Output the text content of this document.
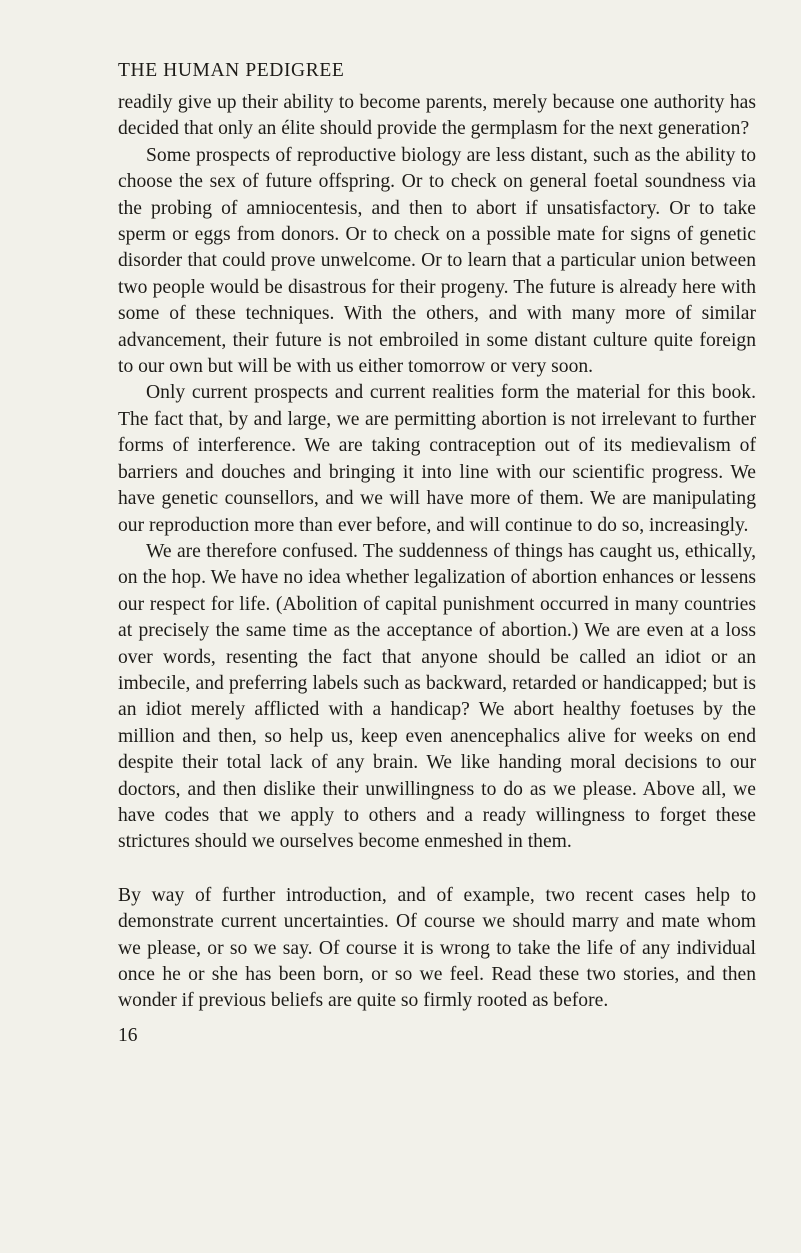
THE HUMAN PEDIGREE

readily give up their ability to become parents, merely because one authority has decided that only an élite should provide the germplasm for the next generation?

Some prospects of reproductive biology are less distant, such as the ability to choose the sex of future offspring. Or to check on general foetal soundness via the probing of amniocentesis, and then to abort if unsatisfactory. Or to take sperm or eggs from donors. Or to check on a possible mate for signs of genetic disorder that could prove unwelcome. Or to learn that a particular union between two people would be disastrous for their progeny. The future is already here with some of these techniques. With the others, and with many more of similar advancement, their future is not embroiled in some distant culture quite foreign to our own but will be with us either tomorrow or very soon.

Only current prospects and current realities form the material for this book. The fact that, by and large, we are permitting abortion is not irrelevant to further forms of interference. We are taking contraception out of its medievalism of barriers and douches and bringing it into line with our scientific progress. We have genetic counsellors, and we will have more of them. We are manipulating our reproduction more than ever before, and will continue to do so, increasingly.

We are therefore confused. The suddenness of things has caught us, ethically, on the hop. We have no idea whether legalization of abortion enhances or lessens our respect for life. (Abolition of capital punishment occurred in many countries at precisely the same time as the acceptance of abortion.) We are even at a loss over words, resenting the fact that anyone should be called an idiot or an imbecile, and preferring labels such as backward, retarded or handicapped; but is an idiot merely afflicted with a handicap? We abort healthy foetuses by the million and then, so help us, keep even anencephalics alive for weeks on end despite their total lack of any brain. We like handing moral decisions to our doctors, and then dislike their unwillingness to do as we please. Above all, we have codes that we apply to others and a ready willingness to forget these strictures should we ourselves become enmeshed in them.

By way of further introduction, and of example, two recent cases help to demonstrate current uncertainties. Of course we should marry and mate whom we please, or so we say. Of course it is wrong to take the life of any individual once he or she has been born, or so we feel. Read these two stories, and then wonder if previous beliefs are quite so firmly rooted as before.

16
